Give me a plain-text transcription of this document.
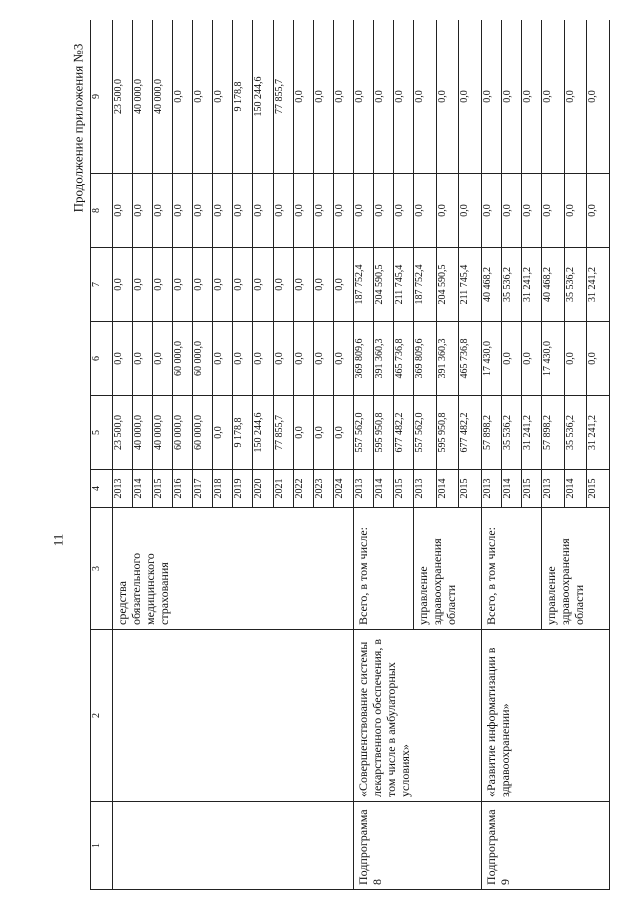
11
Продолжение приложения №3
1	2	3	4	5	6	7	8	9
		средства обязательного медицинского страхования	2013	23 500,0	0,0	0,0	0,0	23 500,0
			2014	40 000,0	0,0	0,0	0,0	40 000,0
			2015	40 000,0	0,0	0,0	0,0	40 000,0
			2016	60 000,0	60 000,0	0,0	0,0	0,0
			2017	60 000,0	60 000,0	0,0	0,0	0,0
			2018	0,0	0,0	0,0	0,0	0,0
			2019	9 178,8	0,0	0,0	0,0	9 178,8
			2020	150 244,6	0,0	0,0	0,0	150 244,6
			2021	77 855,7	0,0	0,0	0,0	77 855,7
			2022	0,0	0,0	0,0	0,0	0,0
			2023	0,0	0,0	0,0	0,0	0,0
			2024	0,0	0,0	0,0	0,0	0,0
Подпрограмма 8	«Совершенствование системы лекарственного обеспечения, в том числе в амбулаторных условиях»	Всего, в том числе:	2013	557 562,0	369 809,6	187 752,4	0,0	0,0
			2014	595 950,8	391 360,3	204 590,5	0,0	0,0
			2015	677 482,2	465 736,8	211 745,4	0,0	0,0
		управление здравоохранения области	2013	557 562,0	369 809,6	187 752,4	0,0	0,0
			2014	595 950,8	391 360,3	204 590,5	0,0	0,0
			2015	677 482,2	465 736,8	211 745,4	0,0	0,0
Подпрограмма 9	«Развитие информатизации в здравоохранении»	Всего, в том числе:	2013	57 898,2	17 430,0	40 468,2	0,0	0,0
			2014	35 536,2	0,0	35 536,2	0,0	0,0
			2015	31 241,2	0,0	31 241,2	0,0	0,0
		управление здравоохранения области	2013	57 898,2	17 430,0	40 468,2	0,0	0,0
			2014	35 536,2	0,0	35 536,2	0,0	0,0
			2015	31 241,2	0,0	31 241,2	0,0	0,0
